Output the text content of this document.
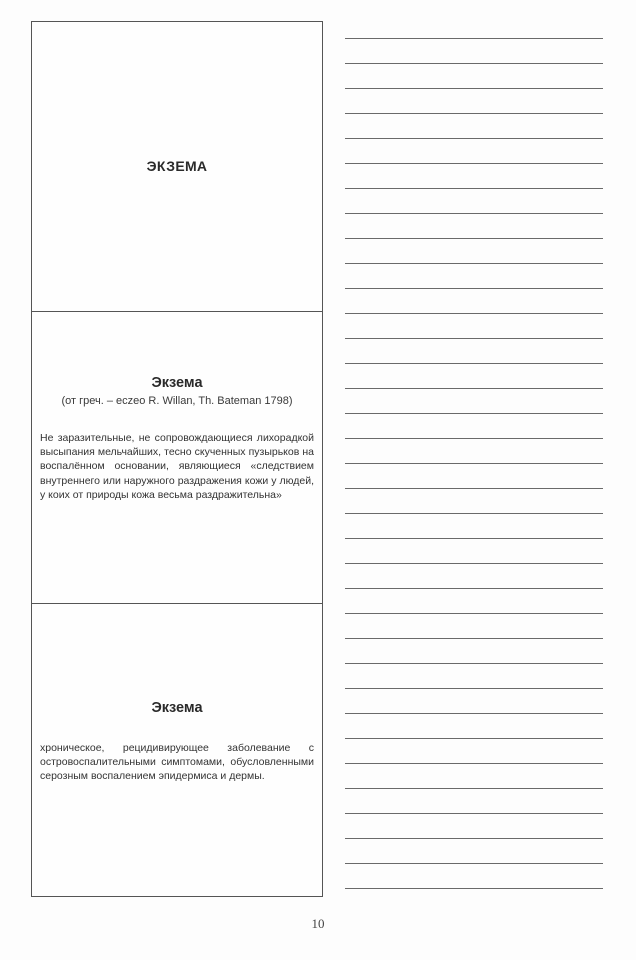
ЭКЗЕМА
Экзема
(от греч. – eczeo R. Willan, Th. Bateman 1798)
Не заразительные, не сопровождающиеся лихорадкой высыпания мельчайших, тесно скученных пузырьков на воспалённом основании, являющиеся «следствием внутреннего или наружного раздражения кожи у людей, у коих от природы кожа весьма раздражительна»
Экзема
хроническое, рецидивирующее заболевание с островоспалительными симптомами, обусловленными серозным воспалением эпидермиса и дермы.
10
